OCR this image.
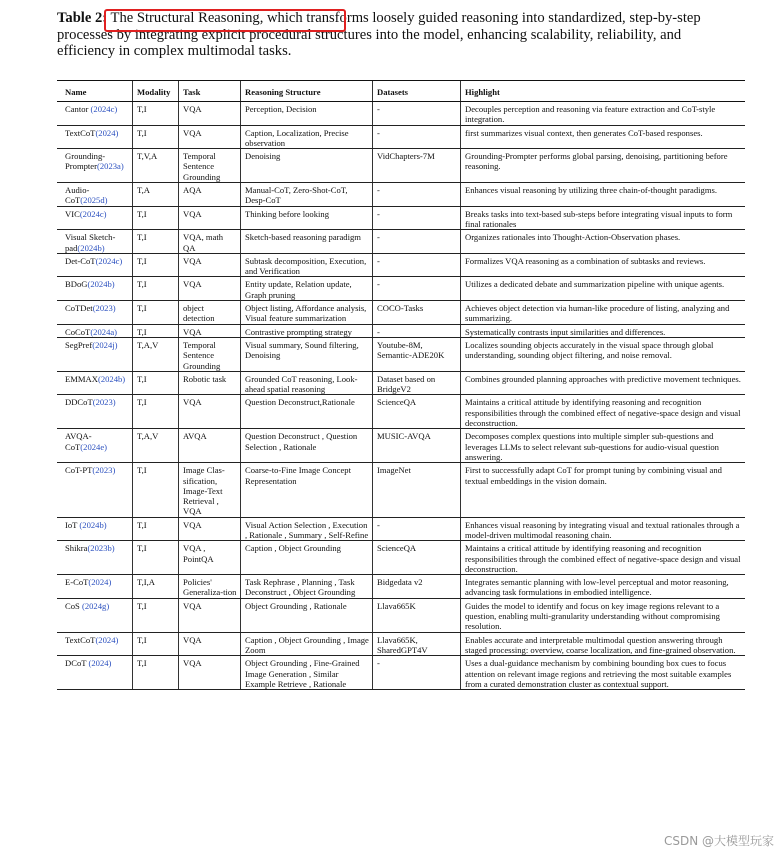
Table 2: The Structural Reasoning, which transforms loosely guided reasoning into standardized, step-by-step processes by integrating explicit procedural structures into the model, enhancing scalability, reliability, and efficiency in complex multimodal tasks.
Name	Modality	Task	Reasoning Structure	Datasets	Highlight
Cantor (2024c)	T,I	VQA	Perception, Decision	-	Decouples perception and reasoning via feature extraction and CoT-style integration.
TextCoT(2024)	T,I	VQA	Caption, Localization, Precise observation	-	first summarizes visual context, then generates CoT-based responses.
Grounding-Prompter(2023a)	T,V,A	Temporal Sentence Grounding	Denoising	VidChapters-7M	Grounding-Prompter performs global parsing, denoising, partitioning before reasoning.
Audio-CoT(2025d)	T,A	AQA	Manual-CoT, Zero-Shot-CoT, Desp-CoT	-	Enhances visual reasoning by utilizing three chain-of-thought paradigms.
VIC(2024c)	T,I	VQA	Thinking before looking	-	Breaks tasks into text-based sub-steps before integrating visual inputs to form final rationales
Visual Sketch-pad(2024b)	T,I	VQA, math QA	Sketch-based reasoning paradigm	-	Organizes rationales into Thought-Action-Observation phases.
Det-CoT(2024c)	T,I	VQA	Subtask decomposition, Execution, and Verification	-	Formalizes VQA reasoning as a combination of subtasks and reviews.
BDoG(2024b)	T,I	VQA	Entity update, Relation update, Graph pruning	-	Utilizes a dedicated debate and summarization pipeline with unique agents.
CoTDet(2023)	T,I	object detection	Object listing, Affordance analysis, Visual feature summarization	COCO-Tasks	Achieves object detection via human-like procedure of listing, analyzing and summarizing.
CoCoT(2024a)	T,I	VQA	Contrastive prompting strategy	-	Systematically contrasts input similarities and differences.
SegPref(2024j)	T,A,V	Temporal Sentence Grounding	Visual summary, Sound filtering, Denoising	Youtube-8M, Semantic-ADE20K	Localizes sounding objects accurately in the visual space through global understanding, sounding object filtering, and noise removal.
EMMAX(2024b)	T,I	Robotic task	Grounded CoT reasoning, Look-ahead spatial reasoning	Dataset based on BridgeV2	Combines grounded planning approaches with predictive movement techniques.
DDCoT(2023)	T,I	VQA	Question Deconstruct,Rationale	ScienceQA	Maintains a critical attitude by identifying reasoning and recognition responsibilities through the combined effect of negative-space design and visual deconstruction.
AVQA-CoT(2024e)	T,A,V	AVQA	Question Deconstruct , Question Selection , Rationale	MUSIC-AVQA	Decomposes complex questions into multiple simpler sub-questions and leverages LLMs to select relevant sub-questions for audio-visual question answering.
CoT-PT(2023)	T,I	Image Clas-sification, Image-Text Retrieval , VQA	Coarse-to-Fine Image Concept Representation	ImageNet	First to successfully adapt CoT for prompt tuning by combining visual and textual embeddings in the vision domain.
IoT (2024b)	T,I	VQA	Visual Action Selection , Execution , Rationale , Summary , Self-Refine	-	Enhances visual reasoning by integrating visual and textual rationales through a model-driven multimodal reasoning chain.
Shikra(2023b)	T,I	VQA , PointQA	Caption , Object Grounding	ScienceQA	Maintains a critical attitude by identifying reasoning and recognition responsibilities through the combined effect of negative-space design and visual deconstruction.
E-CoT(2024)	T,I,A	Policies' Generaliza-tion	Task Rephrase , Planning , Task Deconstruct , Object Grounding	Bidgedata v2	Integrates semantic planning with low-level perceptual and motor reasoning, advancing task formulations in embodied intelligence.
CoS (2024g)	T,I	VQA	Object Grounding , Rationale	Llava665K	Guides the model to identify and focus on key image regions relevant to a question, enabling multi-granularity understanding without compromising resolution.
TextCoT(2024)	T,I	VQA	Caption , Object Grounding , Image Zoom	Llava665K, SharedGPT4V	Enables accurate and interpretable multimodal question answering through staged processing: overview, coarse localization, and fine-grained observation.
DCoT (2024)	T,I	VQA	Object Grounding , Fine-Grained Image Generation , Similar Example Retrieve , Rationale	-	Uses a dual-guidance mechanism by combining bounding box cues to focus attention on relevant image regions and retrieving the most suitable examples from a curated demonstration cluster as contextual support.
CSDN @大模型玩家
